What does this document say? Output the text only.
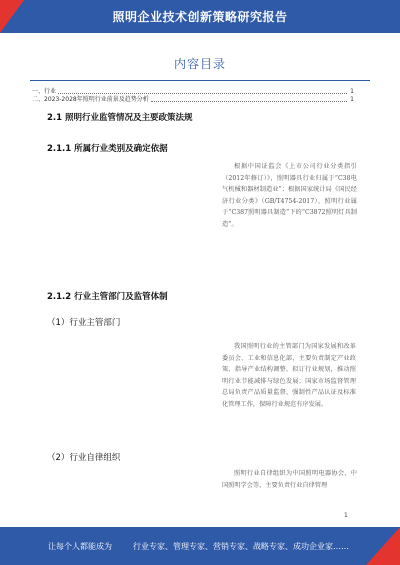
照明企业技术创新策略研究报告
内容目录
一、行业	1
二、2023-2028年照明行业前景及趋势分析	1
2.1 照明行业监管情况及主要政策法规
2.1.1 所属行业类别及确定依据
根据中国证监会《上市公司行业分类指引（2012年修订）》，照明器具行业归属于“C38电气机械和器材制造业”；根据国家统计局《国民经济行业分类》（GB/T4754-2017），照明行业属于“C387照明器具制造”下的“C3872照明灯具制造”。
2.1.2 行业主管部门及监管体制
（1）行业主管部门
我国照明行业的主管部门为国家发展和改革委员会、工业和信息化部，主要负责制定产业政策、指导产业结构调整、拟订行业规划，推动照明行业节能减排与绿色发展；国家市场监督管理总局负责产品质量监督、强制性产品认证及标准化管理工作，保障行业规范有序发展。
（2）行业自律组织
照明行业自律组织为中国照明电器协会、中国照明学会等，主要负责行业自律管理
1
让每个人都能成为	行业专家、管理专家、营销专家、战略专家、成功企业家……
